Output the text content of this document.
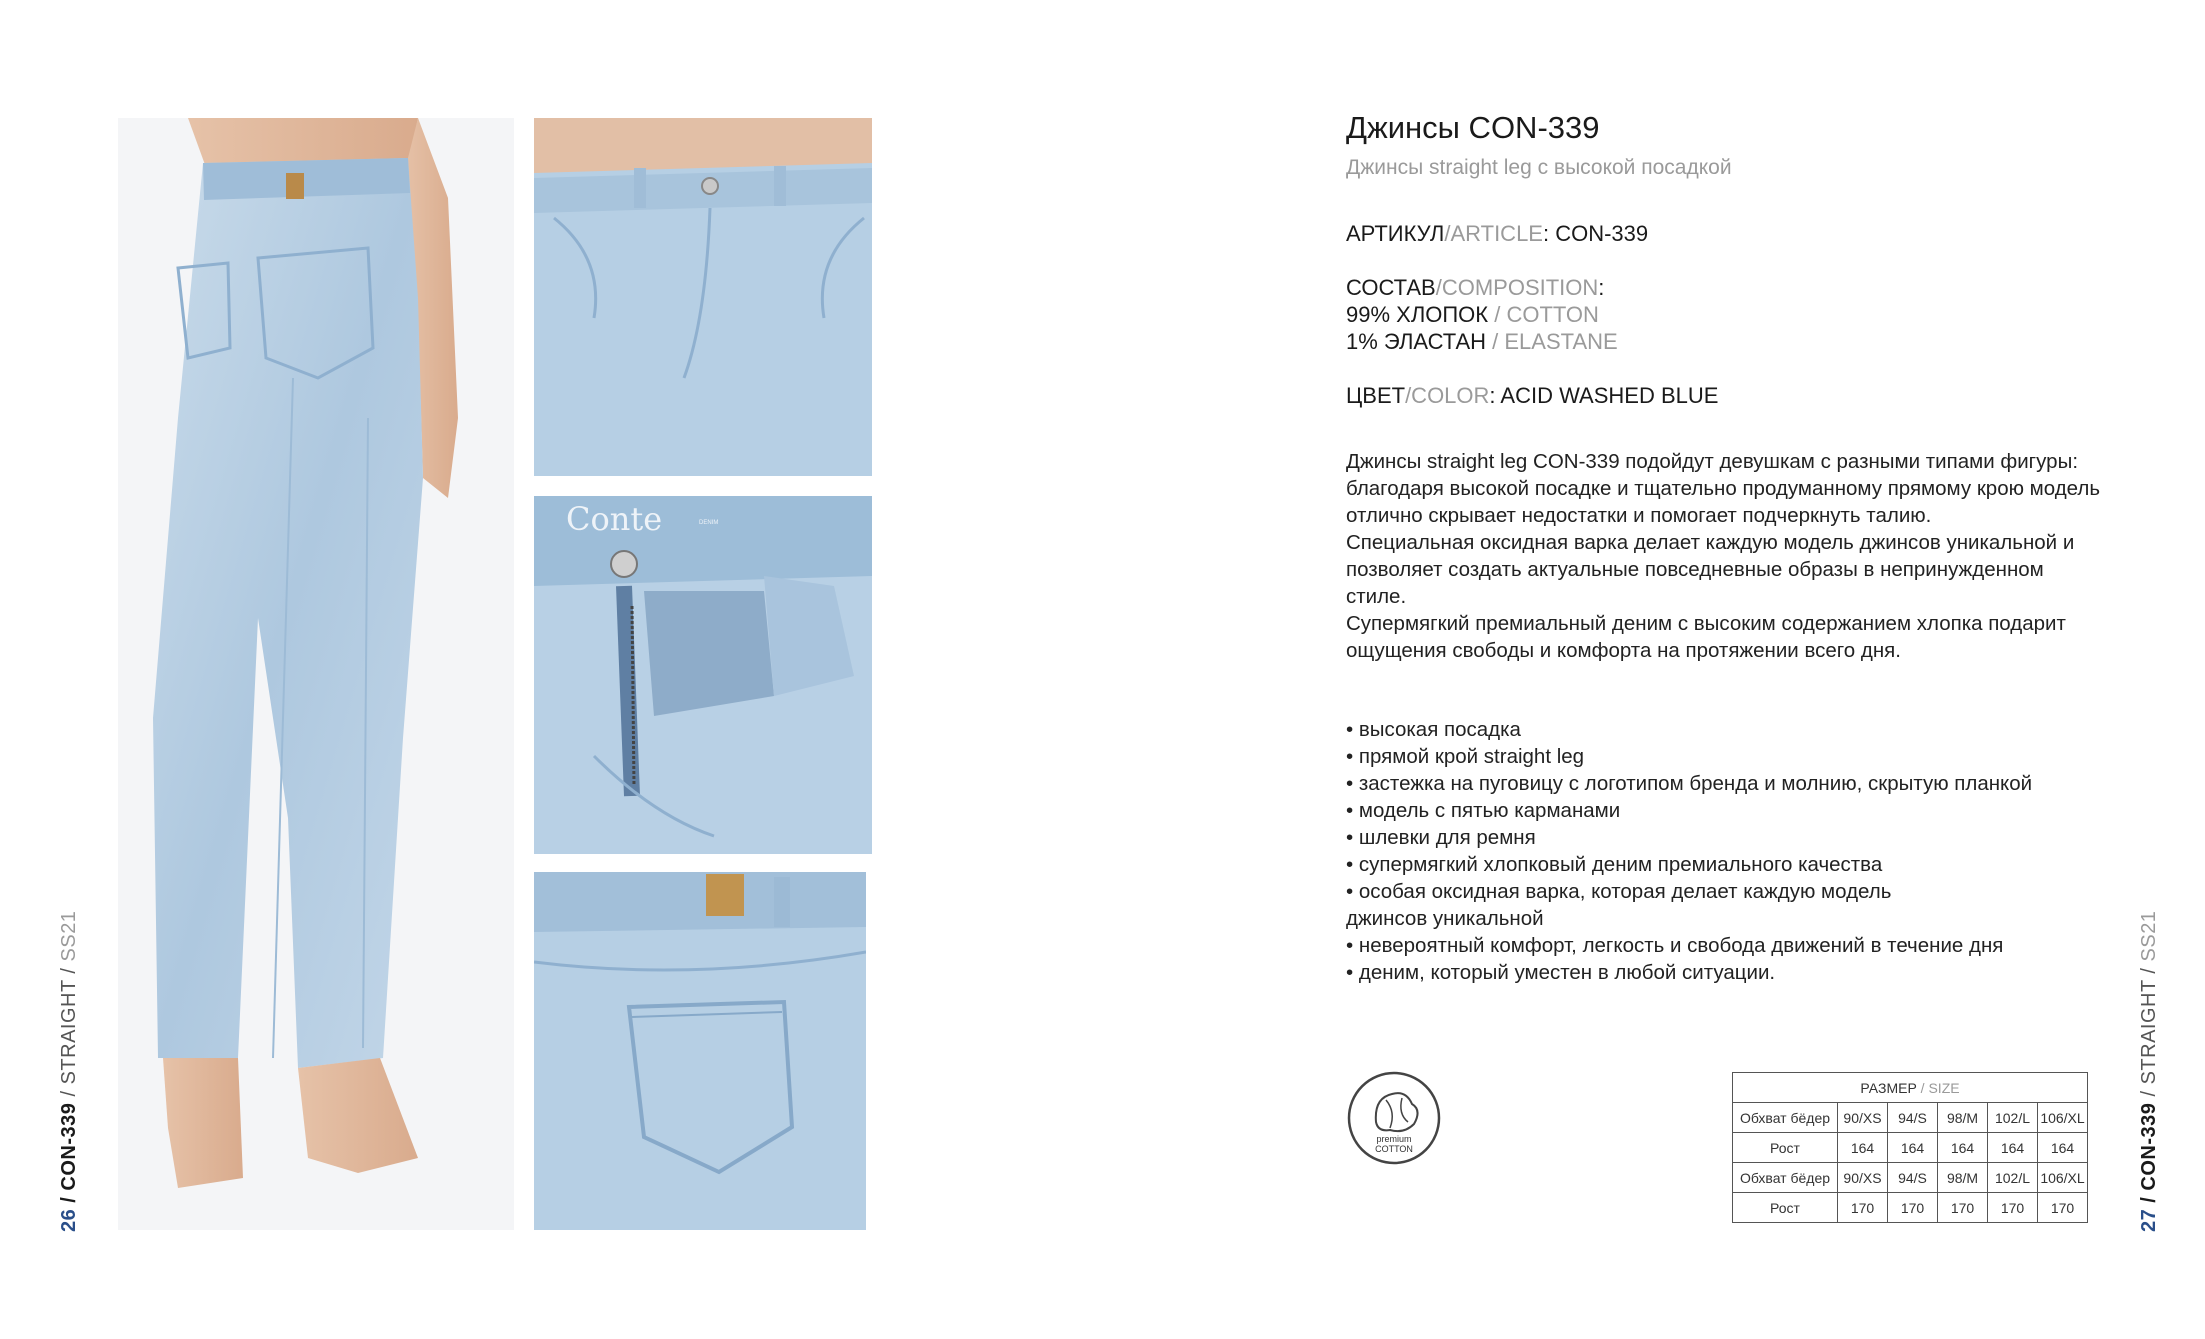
Conte	DENIM
26 / CON-339 / STRAIGHT / SS21
27 / CON-339 / STRAIGHT / SS21
Джинсы CON-339
Джинсы straight leg с высокой посадкой
АРТИКУЛ/ARTICLE: CON-339
СОСТАВ/COMPOSITION:
99% ХЛОПОК / COTTON
1% ЭЛАСТАН / ELASTANE
ЦВЕТ/COLOR: ACID WASHED BLUE

Джинсы straight leg CON-339 подойдут девушкам с разными типами фигуры: благодаря высокой посадке и тщательно продуманному прямому крою модель отлично скрывает недостатки и помогает подчеркнуть талию.

Специальная оксидная варка делает каждую модель джинсов уникальной и позволяет создать актуальные повседневные образы в непринужденном стиле.

Супермягкий премиальный деним с высоким содержанием хлопка подарит ощущения свободы и комфорта на протяжении всего дня.

• высокая посадка
• прямой крой straight leg
• застежка на пуговицу с логотипом бренда и молнию, скрытую планкой
• модель с пятью карманами
• шлевки для ремня
• супермягкий хлопковый деним премиального качества
• особая оксидная варка, которая делает каждую модель джинсов уникальной
• невероятный комфорт, легкость и свобода движений в течение дня
• деним, который уместен в любой ситуации.
premium
COTTON
РАЗМЕР / SIZE					
Обхват бёдер	90/XS	94/S	98/M	102/L	106/XL
Рост	164	164	164	164	164
Обхват бёдер	90/XS	94/S	98/M	102/L	106/XL
Рост	170	170	170	170	170
